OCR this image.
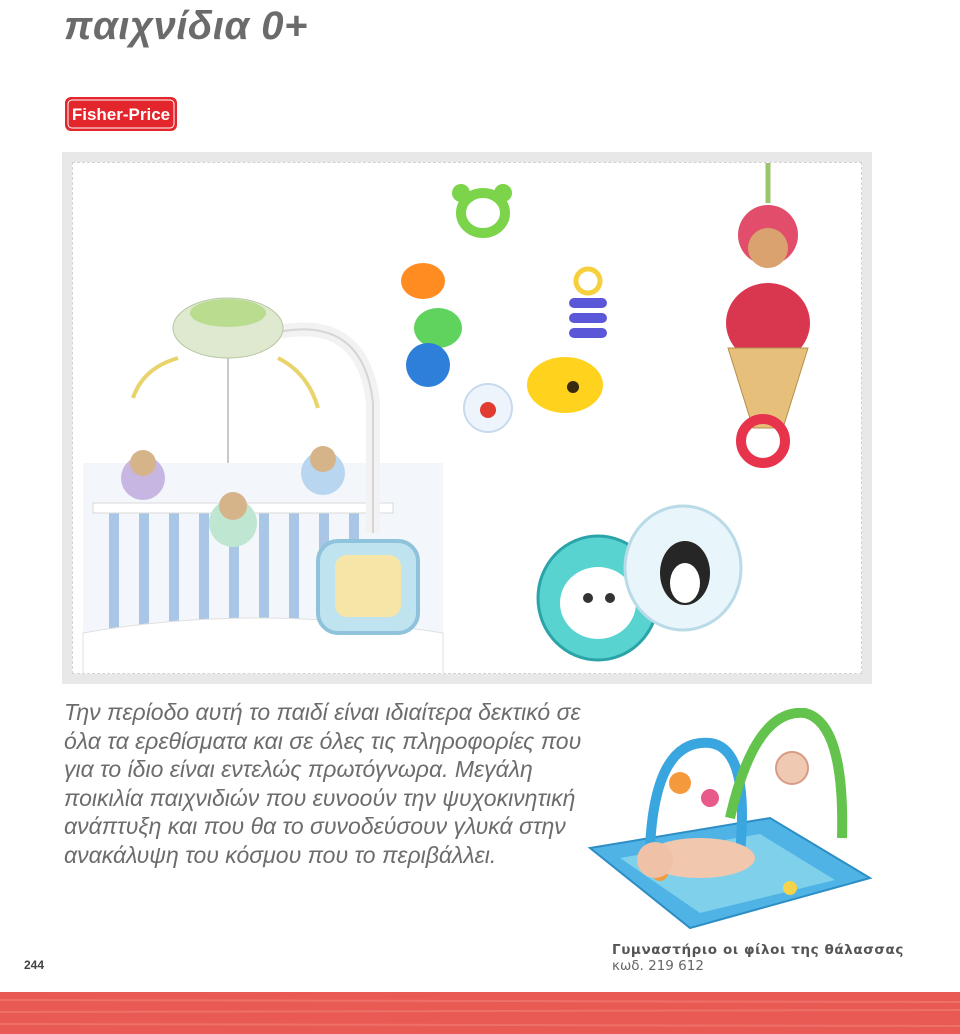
παιχνίδια 0+
Fisher-Price

Την περίοδο αυτή το παιδί είναι ιδιαίτερα δεκτικό σε όλα τα ερεθίσματα και σε όλες τις πληροφορίες που για το ίδιο είναι εντελώς πρωτόγνωρα. Μεγάλη ποικιλία παιχνιδιών που ευνοούν την ψυχοκινητική ανάπτυξη και που θα το συνοδεύσουν γλυκά στην ανακάλυψη του κόσμου που το περιβάλλει.

Γυμναστήριο οι φίλοι της θάλασσας

κωδ. 219 612

244
